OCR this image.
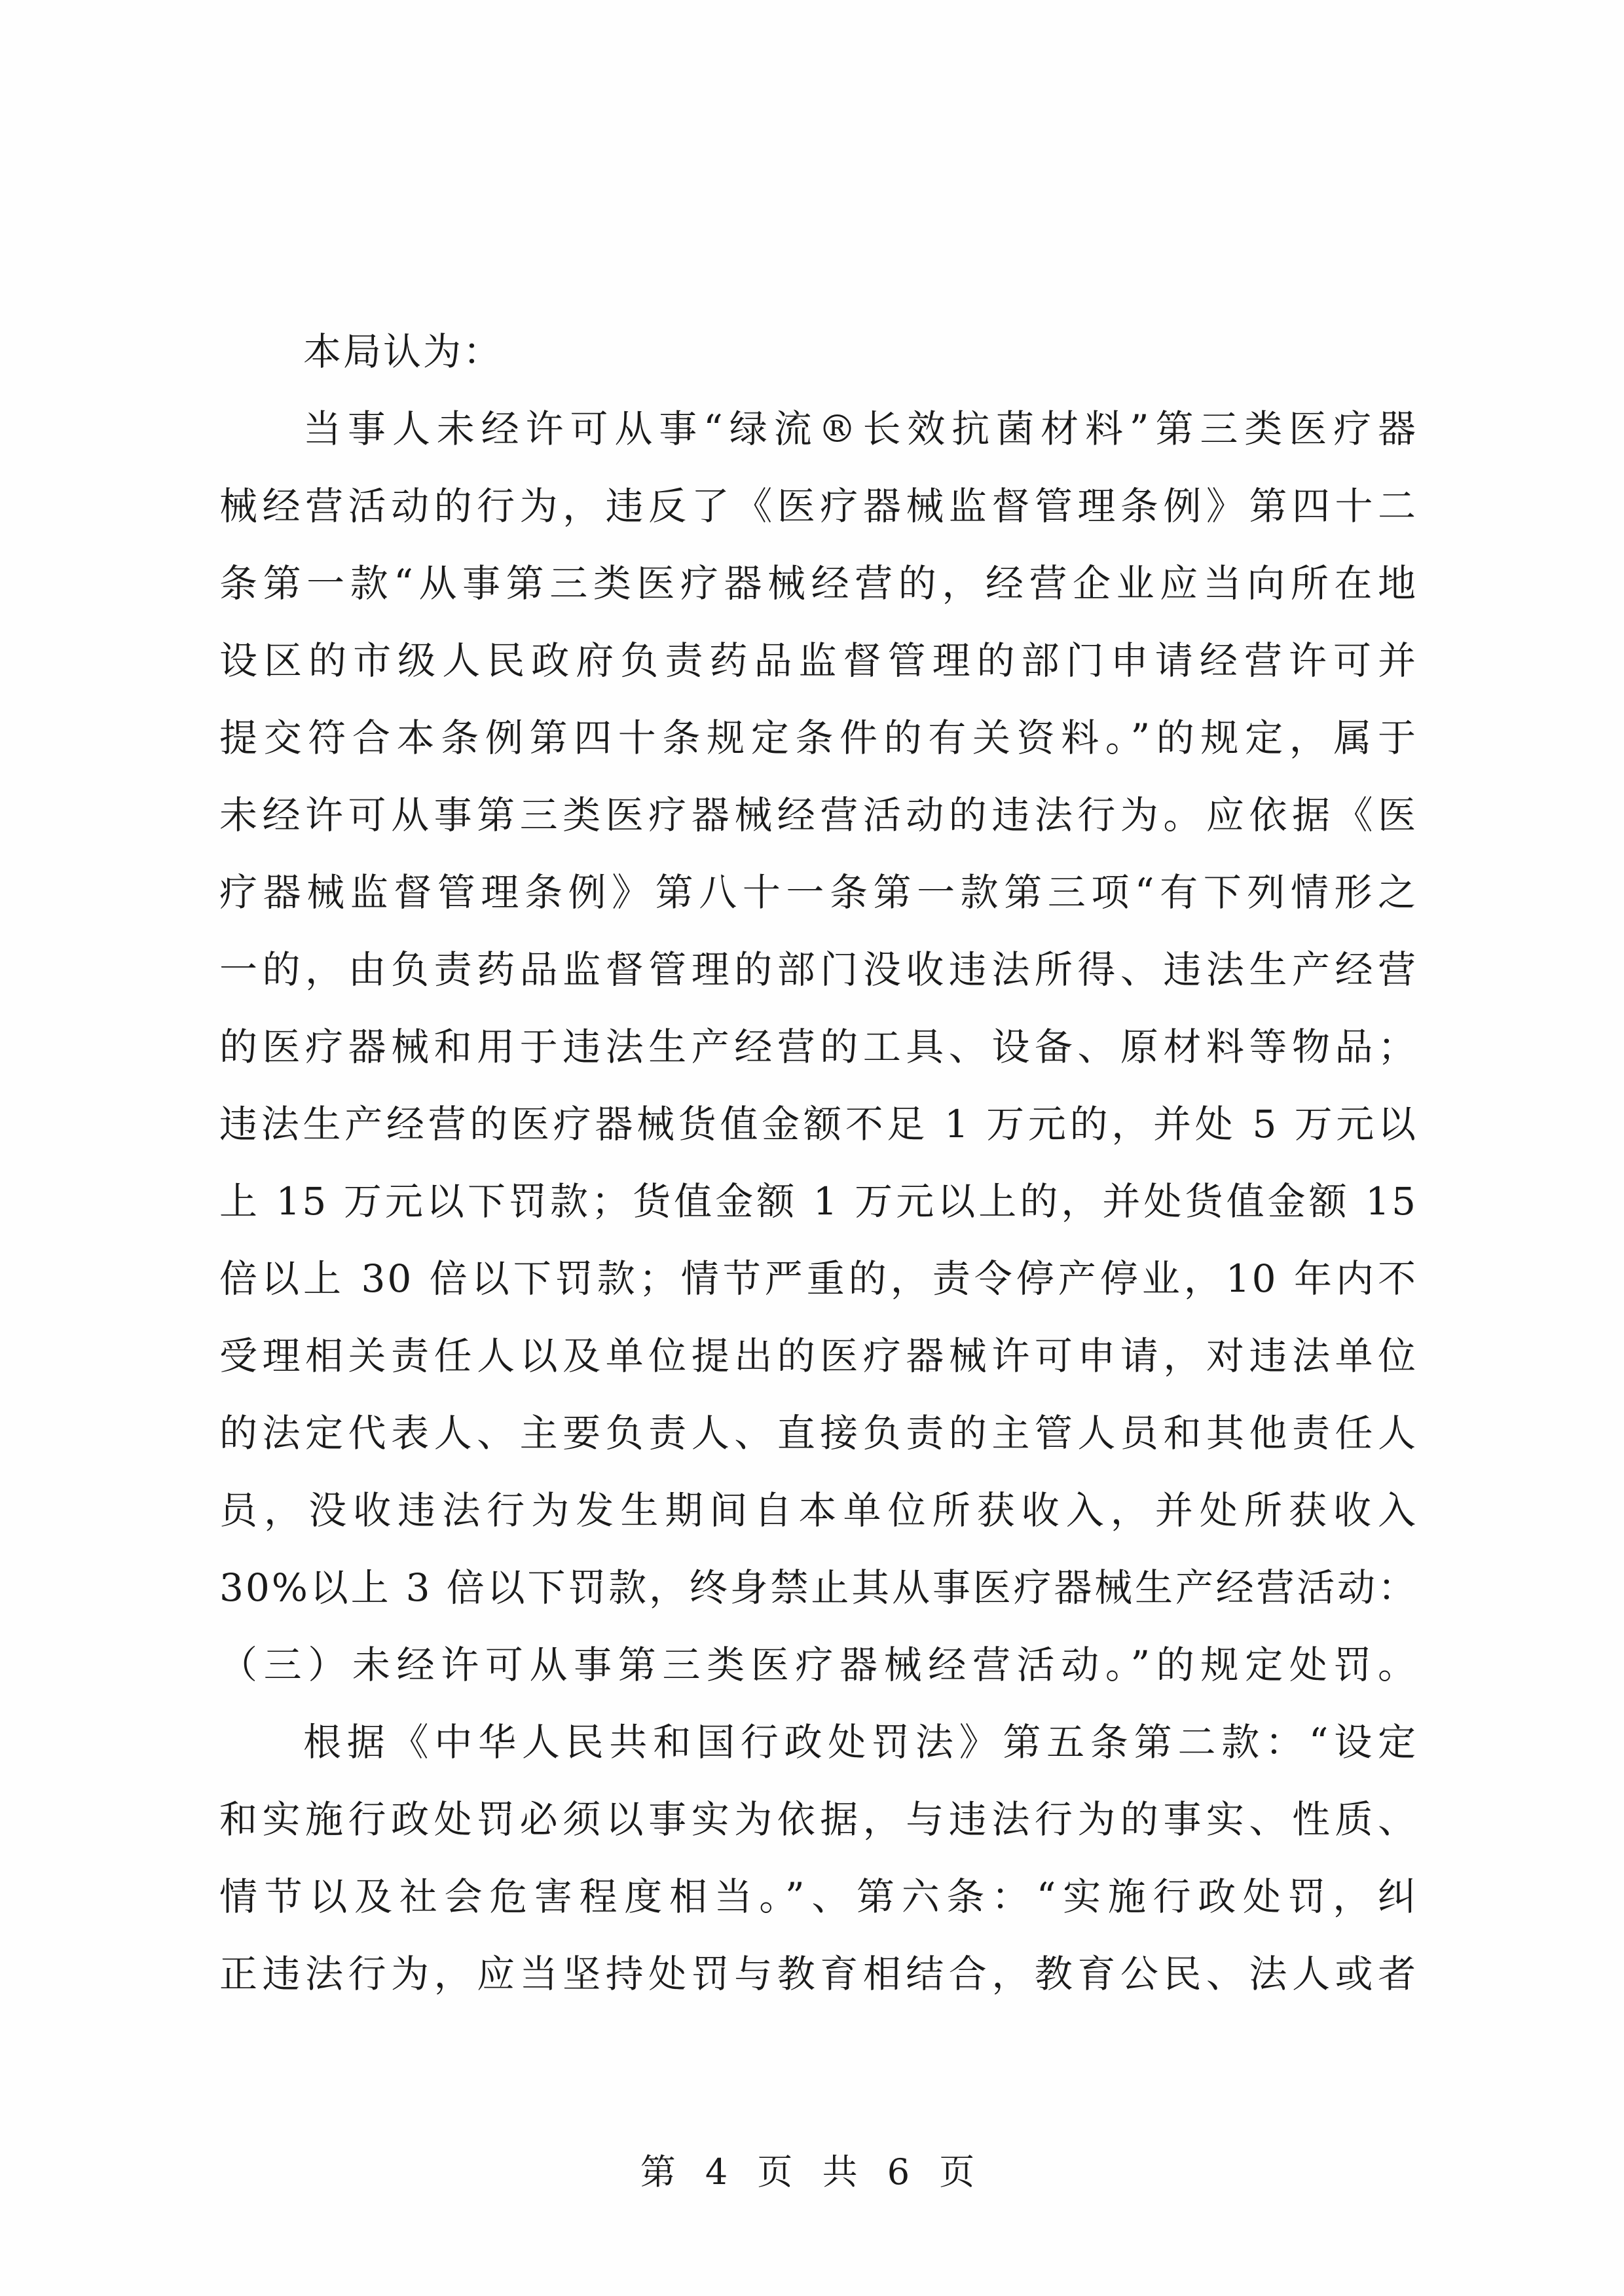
本局认为：
当事人未经许可从事“绿流®长效抗菌材料”第三类医疗器
械经营活动的行为，违反了《医疗器械监督管理条例》第四十二
条第一款“从事第三类医疗器械经营的，经营企业应当向所在地
设区的市级人民政府负责药品监督管理的部门申请经营许可并
提交符合本条例第四十条规定条件的有关资料。”的规定，属于
未经许可从事第三类医疗器械经营活动的违法行为。应依据《医
疗器械监督管理条例》第八十一条第一款第三项“有下列情形之
一的，由负责药品监督管理的部门没收违法所得、违法生产经营
的医疗器械和用于违法生产经营的工具、设备、原材料等物品；
违法生产经营的医疗器械货值金额不足 1 万元的，并处 5 万元以
上 15 万元以下罚款；货值金额 1 万元以上的，并处货值金额 15
倍以上 30 倍以下罚款；情节严重的，责令停产停业，10 年内不
受理相关责任人以及单位提出的医疗器械许可申请，对违法单位
的法定代表人、主要负责人、直接负责的主管人员和其他责任人
员，没收违法行为发生期间自本单位所获收入，并处所获收入
30%以上 3 倍以下罚款，终身禁止其从事医疗器械生产经营活动：
（三）未经许可从事第三类医疗器械经营活动。”的规定处罚。
根据《中华人民共和国行政处罚法》第五条第二款：“设定
和实施行政处罚必须以事实为依据，与违法行为的事实、性质、
情节以及社会危害程度相当。”、第六条：“实施行政处罚，纠
正违法行为，应当坚持处罚与教育相结合，教育公民、法人或者
第 4 页 共 6 页
